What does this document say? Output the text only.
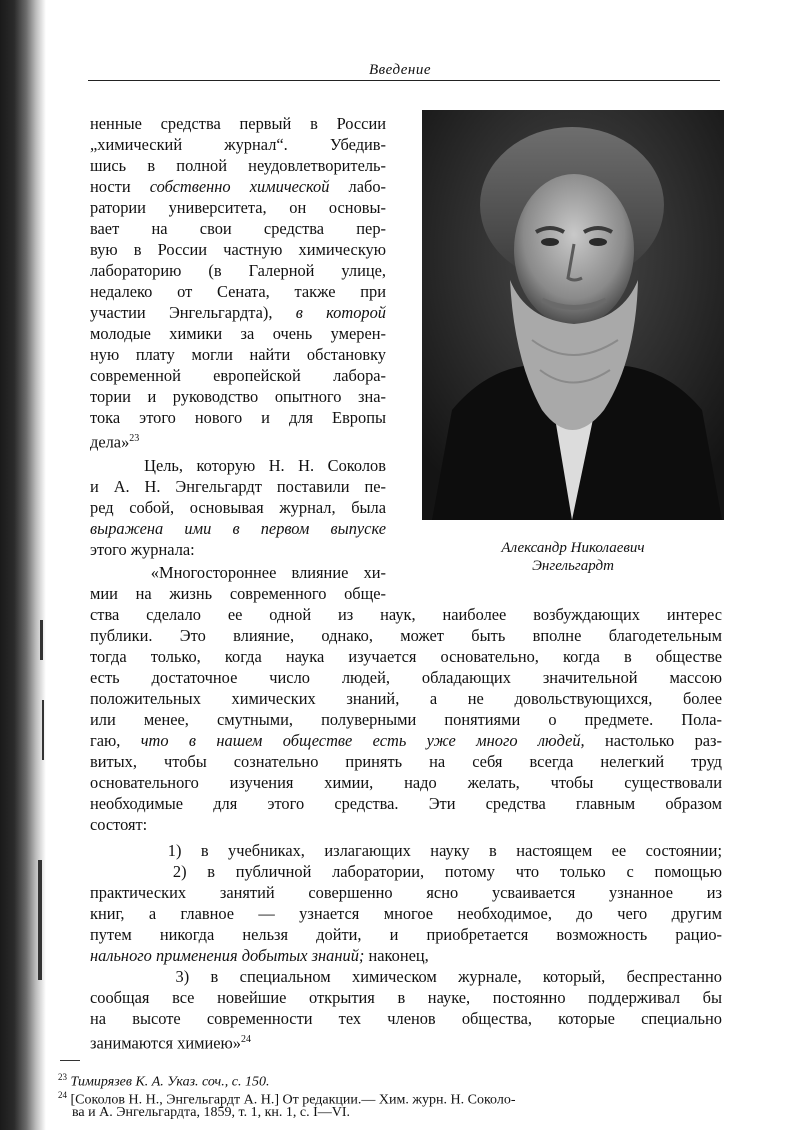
Введение
ненные средства первый в России
„химический журнал“. Убедив-
шись в полной неудовлетворитель-
ности собственно химической лабо-
ратории университета, он основы-
вает на свои средства пер-
вую в России частную химическую
лабораторию (в Галерной улице,
недалеко от Сената, также при
участии Энгельгардта), в которой
молодые химики за очень умерен-
ную плату могли найти обстановку
современной европейской лабора-
тории и руководство опытного зна-
тока этого нового и для Европы
дела»$^{23}$
Цель, которую Н. Н. Соколов
и А. Н. Энгельгардт поставили пе-
ред собой, основывая журнал, была
выражена ими в первом выпуске
этого журнала:
«Многостороннее влияние хи-
мии на жизнь современного обще-
Александр Николаевич
Энгельгардт
ства сделало ее одной из наук, наиболее возбуждающих интерес
публики. Это влияние, однако, может быть вполне благодетельным
тогда только, когда наука изучается основательно, когда в обществе
есть достаточное число людей, обладающих значительной массою
положительных химических знаний, а не довольствующихся, более
или менее, смутными, полуверными понятиями о предмете. Пола-
гаю, что в нашем обществе есть уже много людей, настолько раз-
витых, чтобы сознательно принять на себя всегда нелегкий труд
основательного изучения химии, надо желать, чтобы существовали
необходимые для этого средства. Эти средства главным образом
состоят:
1) в учебниках, излагающих науку в настоящем ее состоянии;
2) в публичной лаборатории, потому что только с помощью
практических занятий совершенно ясно усваивается узнанное из
книг, а главное — узнается многое необходимое, до чего другим
путем никогда нельзя дойти, и приобретается возможность рацио-
нального применения добытых знаний; наконец,
3) в специальном химическом журнале, который, беспрестанно
сообщая все новейшие открытия в науке, постоянно поддерживал бы
на высоте современности тех членов общества, которые специально
занимаются химиею»$^{24}$
$^{23}$ Тимирязев К. А. Указ. соч., с. 150.
$^{24}$ [Соколов Н. Н., Энгельгардт А. Н.] От редакции.— Хим. журн. Н. Соколо-
ва и А. Энгельгардта, 1859, т. 1, кн. 1, с. I—VI.
